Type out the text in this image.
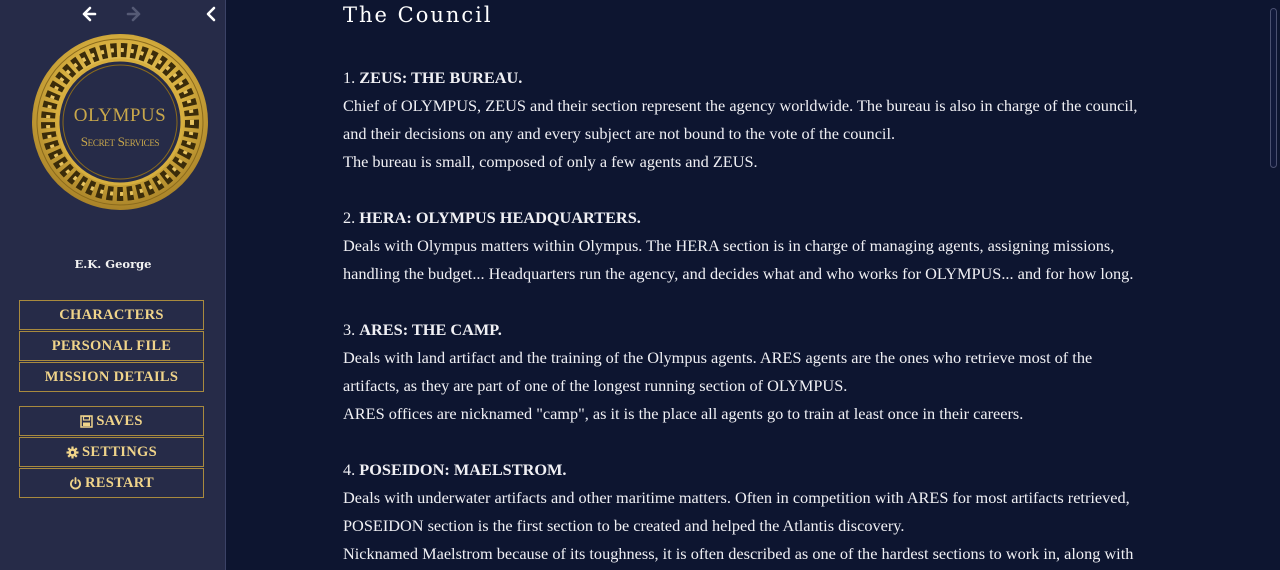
OLYMPUS
Secret Services
E.K. George
CHARACTERS
PERSONAL FILE
MISSION DETAILS
SAVES
SETTINGS
RESTART
The Council
1. ZEUS: THE BUREAU.
Chief of OLYMPUS, ZEUS and their section represent the agency worldwide. The bureau is also in charge of the council,
and their decisions on any and every subject are not bound to the vote of the council.
The bureau is small, composed of only a few agents and ZEUS.
2. HERA: OLYMPUS HEADQUARTERS.
Deals with Olympus matters within Olympus. The HERA section is in charge of managing agents, assigning missions,
handling the budget... Headquarters run the agency, and decides what and who works for OLYMPUS... and for how long.
3. ARES: THE CAMP.
Deals with land artifact and the training of the Olympus agents. ARES agents are the ones who retrieve most of the
artifacts, as they are part of one of the longest running section of OLYMPUS.
ARES offices are nicknamed "camp", as it is the place all agents go to train at least once in their careers.
4. POSEIDON: MAELSTROM.
Deals with underwater artifacts and other maritime matters. Often in competition with ARES for most artifacts retrieved,
POSEIDON section is the first section to be created and helped the Atlantis discovery.
Nicknamed Maelstrom because of its toughness, it is often described as one of the hardest sections to work in, along with
